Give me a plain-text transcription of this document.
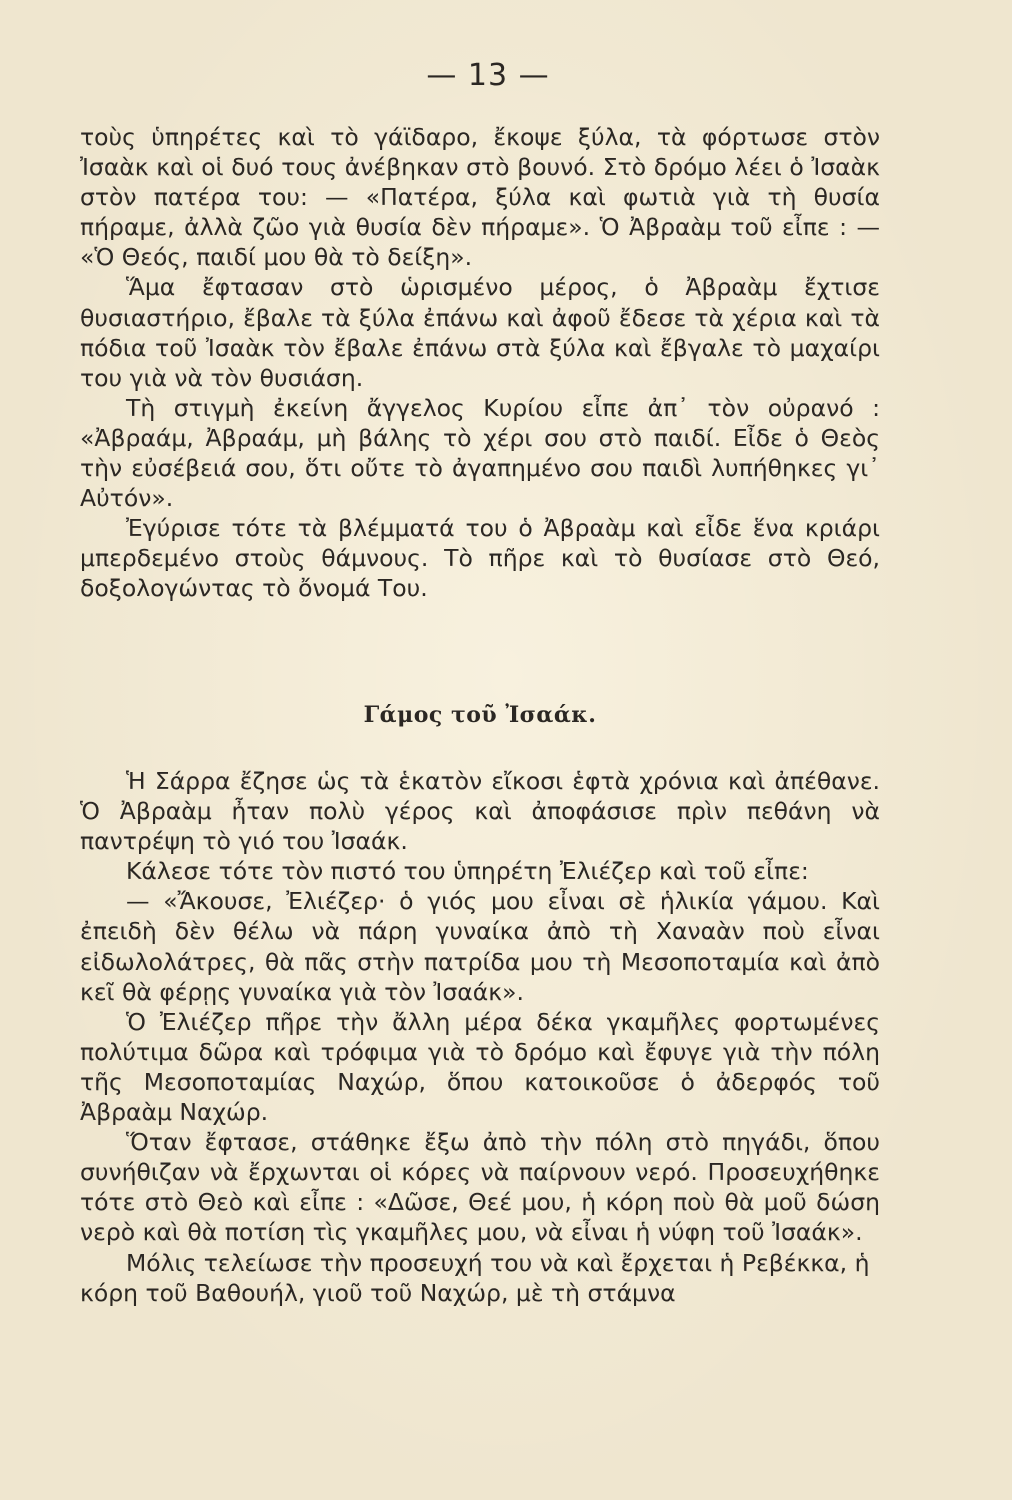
— 13 —

τοὺς ὑπηρέτες καὶ τὸ γάϊδαρο, ἔκοψε ξύλα, τὰ φόρτωσε στὸν Ἰσαὰκ καὶ οἱ δυό τους ἀνέβηκαν στὸ βουνό. Στὸ δρόμο λέει ὁ Ἰσαὰκ στὸν πατέρα του: — «Πατέρα, ξύλα καὶ φωτιὰ γιὰ τὴ θυσία πήραμε, ἀλλὰ ζῶο γιὰ θυσία δὲν πήραμε». Ὁ Ἀβραὰμ τοῦ εἶπε : — «Ὁ Θεός, παιδί μου θὰ τὸ δείξη».

Ἅμα ἔφτασαν στὸ ὡρισμένο μέρος, ὁ Ἀβραὰμ ἔχτισε θυσιαστήριο, ἔβαλε τὰ ξύλα ἐπάνω καὶ ἀφοῦ ἔδεσε τὰ χέρια καὶ τὰ πόδια τοῦ Ἰσαὰκ τὸν ἔβαλε ἐπάνω στὰ ξύλα καὶ ἔβγαλε τὸ μαχαίρι του γιὰ νὰ τὸν θυσιάση.

Τὴ στιγμὴ ἐκείνη ἄγγελος Κυρίου εἶπε ἀπ᾽ τὸν οὐρανό : «Ἀβραάμ, Ἀβραάμ, μὴ βάλης τὸ χέρι σου στὸ παιδί. Εἶδε ὁ Θεὸς τὴν εὐσέβειά σου, ὅτι οὔτε τὸ ἀγαπημένο σου παιδὶ λυπήθηκες γι᾽ Αὐτόν».

Ἐγύρισε τότε τὰ βλέμματά του ὁ Ἀβραὰμ καὶ εἶδε ἕνα κριάρι μπερδεμένο στοὺς θάμνους. Τὸ πῆρε καὶ τὸ θυσίασε στὸ Θεό, δοξολογώντας τὸ ὄνομά Του.

Γάμος τοῦ Ἰσαάκ.

Ἡ Σάρρα ἔζησε ὡς τὰ ἑκατὸν εἴκοσι ἑφτὰ χρόνια καὶ ἀπέθανε. Ὁ Ἀβραὰμ ἦταν πολὺ γέρος καὶ ἀποφάσισε πρὶν πεθάνη νὰ παντρέψη τὸ γιό του Ἰσαάκ.

Κάλεσε τότε τὸν πιστό του ὑπηρέτη Ἐλιέζερ καὶ τοῦ εἶπε:

— «Ἄκουσε, Ἐλιέζερ· ὁ γιός μου εἶναι σὲ ἡλικία γάμου. Καὶ ἐπειδὴ δὲν θέλω νὰ πάρη γυναίκα ἀπὸ τὴ Χαναὰν ποὺ εἶναι εἰδωλολάτρες, θὰ πᾶς στὴν πατρίδα μου τὴ Μεσοποταμία καὶ ἀπὸ κεῖ θὰ φέρῃς γυναίκα γιὰ τὸν Ἰσαάκ».

Ὁ Ἐλιέζερ πῆρε τὴν ἄλλη μέρα δέκα γκαμῆλες φορτωμένες πολύτιμα δῶρα καὶ τρόφιμα γιὰ τὸ δρόμο καὶ ἔφυγε γιὰ τὴν πόλη τῆς Μεσοποταμίας Ναχώρ, ὅπου κατοικοῦσε ὁ ἀδερφός τοῦ Ἀβραὰμ Ναχώρ.

Ὅταν ἔφτασε, στάθηκε ἔξω ἀπὸ τὴν πόλη στὸ πηγάδι, ὅπου συνήθιζαν νὰ ἔρχωνται οἱ κόρες νὰ παίρνουν νερό. Προσευχήθηκε τότε στὸ Θεὸ καὶ εἶπε : «Δῶσε, Θεέ μου, ἡ κόρη ποὺ θὰ μοῦ δώση νερὸ καὶ θὰ ποτίση τὶς γκαμῆλες μου, νὰ εἶναι ἡ νύφη τοῦ Ἰσαάκ».

Μόλις τελείωσε τὴν προσευχή του νὰ καὶ ἔρχεται ἡ Ρεβέκκα, ἡ κόρη τοῦ Βαθουήλ, γιοῦ τοῦ Ναχώρ, μὲ τὴ στάμνα
